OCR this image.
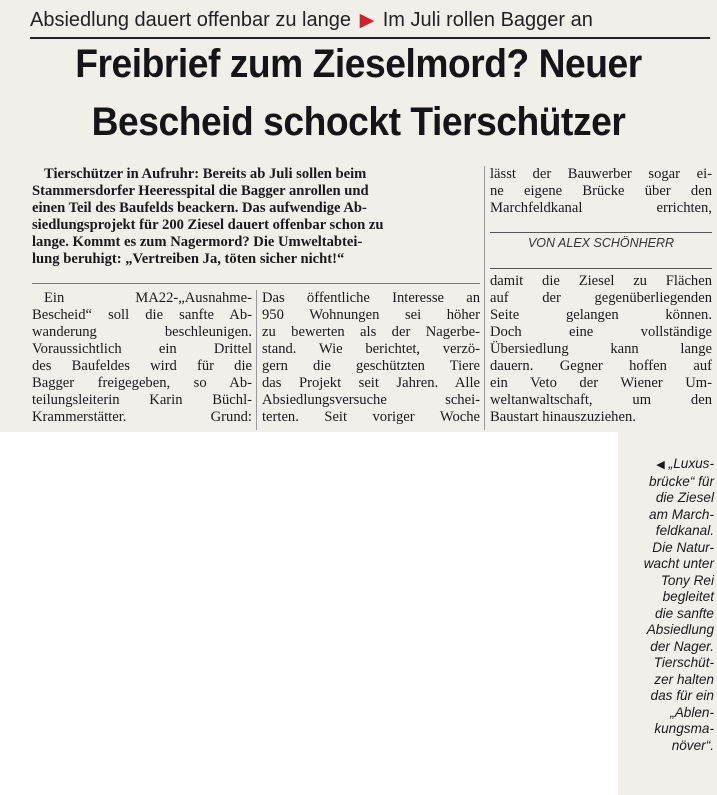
Absiedlung dauert offenbar zu lange ▶ Im Juli rollen Bagger an
Freibrief zum Zieselmord? Neuer
Bescheid schockt Tierschützer

Tierschützer in Aufruhr: Bereits ab Juli sollen beim

Stammersdorfer Heeresspital die Bagger anrollen und

einen Teil des Baufelds beackern. Das aufwendige Ab-

siedlungsprojekt für 200 Ziesel dauert offenbar schon zu

lange. Kommt es zum Nagermord? Die Umweltabtei-

lung beruhigt: „Vertreiben Ja, töten sicher nicht!“

lässt der Bauwerber sogar ei-

ne eigene Brücke über den

Marchfeldkanal errichten,

VON ALEX SCHÖNHERR

Ein MA22-„Ausnahme-

Bescheid“ soll die sanfte Ab-

wanderung beschleunigen.

Voraussichtlich ein Drittel

des Baufeldes wird für die

Bagger freigegeben, so Ab-

teilungsleiterin Karin Büchl-

Krammerstätter. Grund:

Das öffentliche Interesse an

950 Wohnungen sei höher

zu bewerten als der Nagerbe-

stand. Wie berichtet, verzö-

gern die geschützten Tiere

das Projekt seit Jahren. Alle

Absiedlungsversuche schei-

terten. Seit voriger Woche

damit die Ziesel zu Flächen

auf der gegenüberliegenden

Seite gelangen können.

Doch eine vollständige

Übersiedlung kann lange

dauern. Gegner hoffen auf

ein Veto der Wiener Um-

weltanwaltschaft, um den

Baustart hinauszuziehen.

◀ „Luxus-
brücke“ für
die Ziesel
am March-
feldkanal.
Die Natur-
wacht unter
Tony Rei
begleitet
die sanfte
Absiedlung
der Nager.
Tierschüt-
zer halten
das für ein
„Ablen-
kungsma-
növer“.
